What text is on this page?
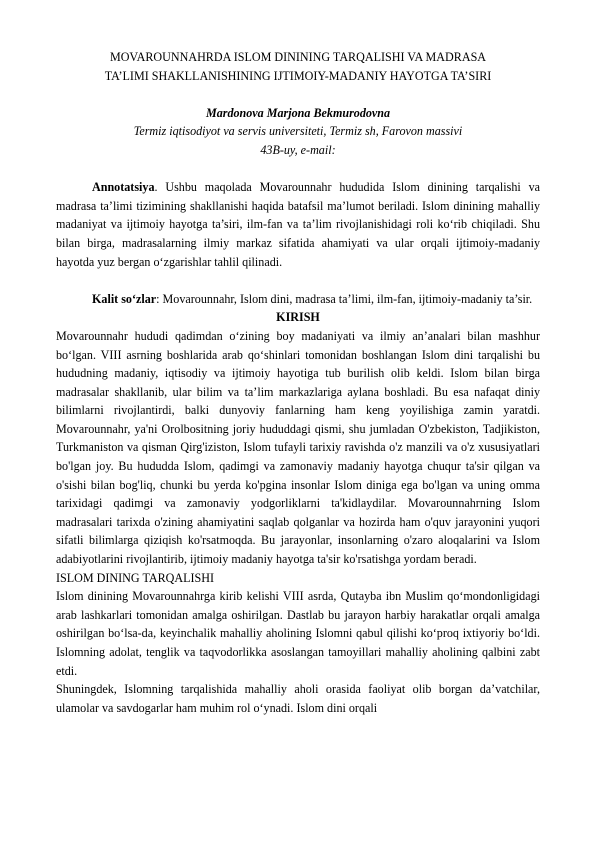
MOVAROUNNAHRDA ISLOM DININING TARQALISHI VA MADRASA

TA’LIMI SHAKLLANISHINING IJTIMOIY-MADANIY HAYOTGA TA’SIRI

Mardonova Marjona Bekmurodovna
Termiz iqtisodiyot va servis universiteti, Termiz sh, Farovon massivi
43B-uy, e-mail:

Annotatsiya. Ushbu maqolada Movarounnahr hududida Islom dinining tarqalishi va madrasa ta’limi tizimining shakllanishi haqida batafsil ma’lumot beriladi. Islom dinining mahalliy madaniyat va ijtimoiy hayotga ta’siri, ilm-fan va ta’lim rivojlanishidagi roli ko‘rib chiqiladi. Shu bilan birga, madrasalarning ilmiy markaz sifatida ahamiyati va ular orqali ijtimoiy-madaniy hayotda yuz bergan o‘zgarishlar tahlil qilinadi.

Kalit so‘zlar: Movarounnahr, Islom dini, madrasa ta’limi, ilm-fan, ijtimoiy-madaniy ta’sir.

KIRISH

Movarounnahr hududi qadimdan o‘zining boy madaniyati va ilmiy an’analari bilan mashhur bo‘lgan. VIII asrning boshlarida arab qo‘shinlari tomonidan boshlangan Islom dini tarqalishi bu hududning madaniy, iqtisodiy va ijtimoiy hayotiga tub burilish olib keldi. Islom bilan birga madrasalar shakllanib, ular bilim va ta’lim markazlariga aylana boshladi. Bu esa nafaqat diniy bilimlarni rivojlantirdi, balki dunyoviy fanlarning ham keng yoyilishiga zamin yaratdi. Movarounnahr, ya'ni Orolbositning joriy hududdagi qismi, shu jumladan O'zbekiston, Tadjikiston, Turkmaniston va qisman Qirg'iziston, Islom tufayli tarixiy ravishda o'z manzili va o'z xususiyatlari bo'lgan joy. Bu hududda Islom, qadimgi va zamonaviy madaniy hayotga chuqur ta'sir qilgan va o'sishi bilan bog'liq, chunki bu yerda ko'pgina insonlar Islom diniga ega bo'lgan va uning omma tarixidagi qadimgi va zamonaviy yodgorliklarni ta'kidlaydilar. Movarounnahrning Islom madrasalari tarixda o'zining ahamiyatini saqlab qolganlar va hozirda ham o'quv jarayonini yuqori sifatli bilimlarga qiziqish ko'rsatmoqda. Bu jarayonlar, insonlarning o'zaro aloqalarini va Islom adabiyotlarini rivojlantirib, ijtimoiy madaniy hayotga ta'sir ko'rsatishga yordam beradi.

ISLOM DINING TARQALISHI

Islom dinining Movarounnahrga kirib kelishi VIII asrda, Qutayba ibn Muslim qo‘mondonligidagi arab lashkarlari tomonidan amalga oshirilgan. Dastlab bu jarayon harbiy harakatlar orqali amalga oshirilgan bo‘lsa-da, keyinchalik mahalliy aholining Islomni qabul qilishi ko‘proq ixtiyoriy bo‘ldi. Islomning adolat, tenglik va taqvodorlikka asoslangan tamoyillari mahalliy aholining qalbini zabt etdi.

Shuningdek, Islomning tarqalishida mahalliy aholi orasida faoliyat olib borgan da’vatchilar, ulamolar va savdogarlar ham muhim rol o‘ynadi. Islom dini orqali
